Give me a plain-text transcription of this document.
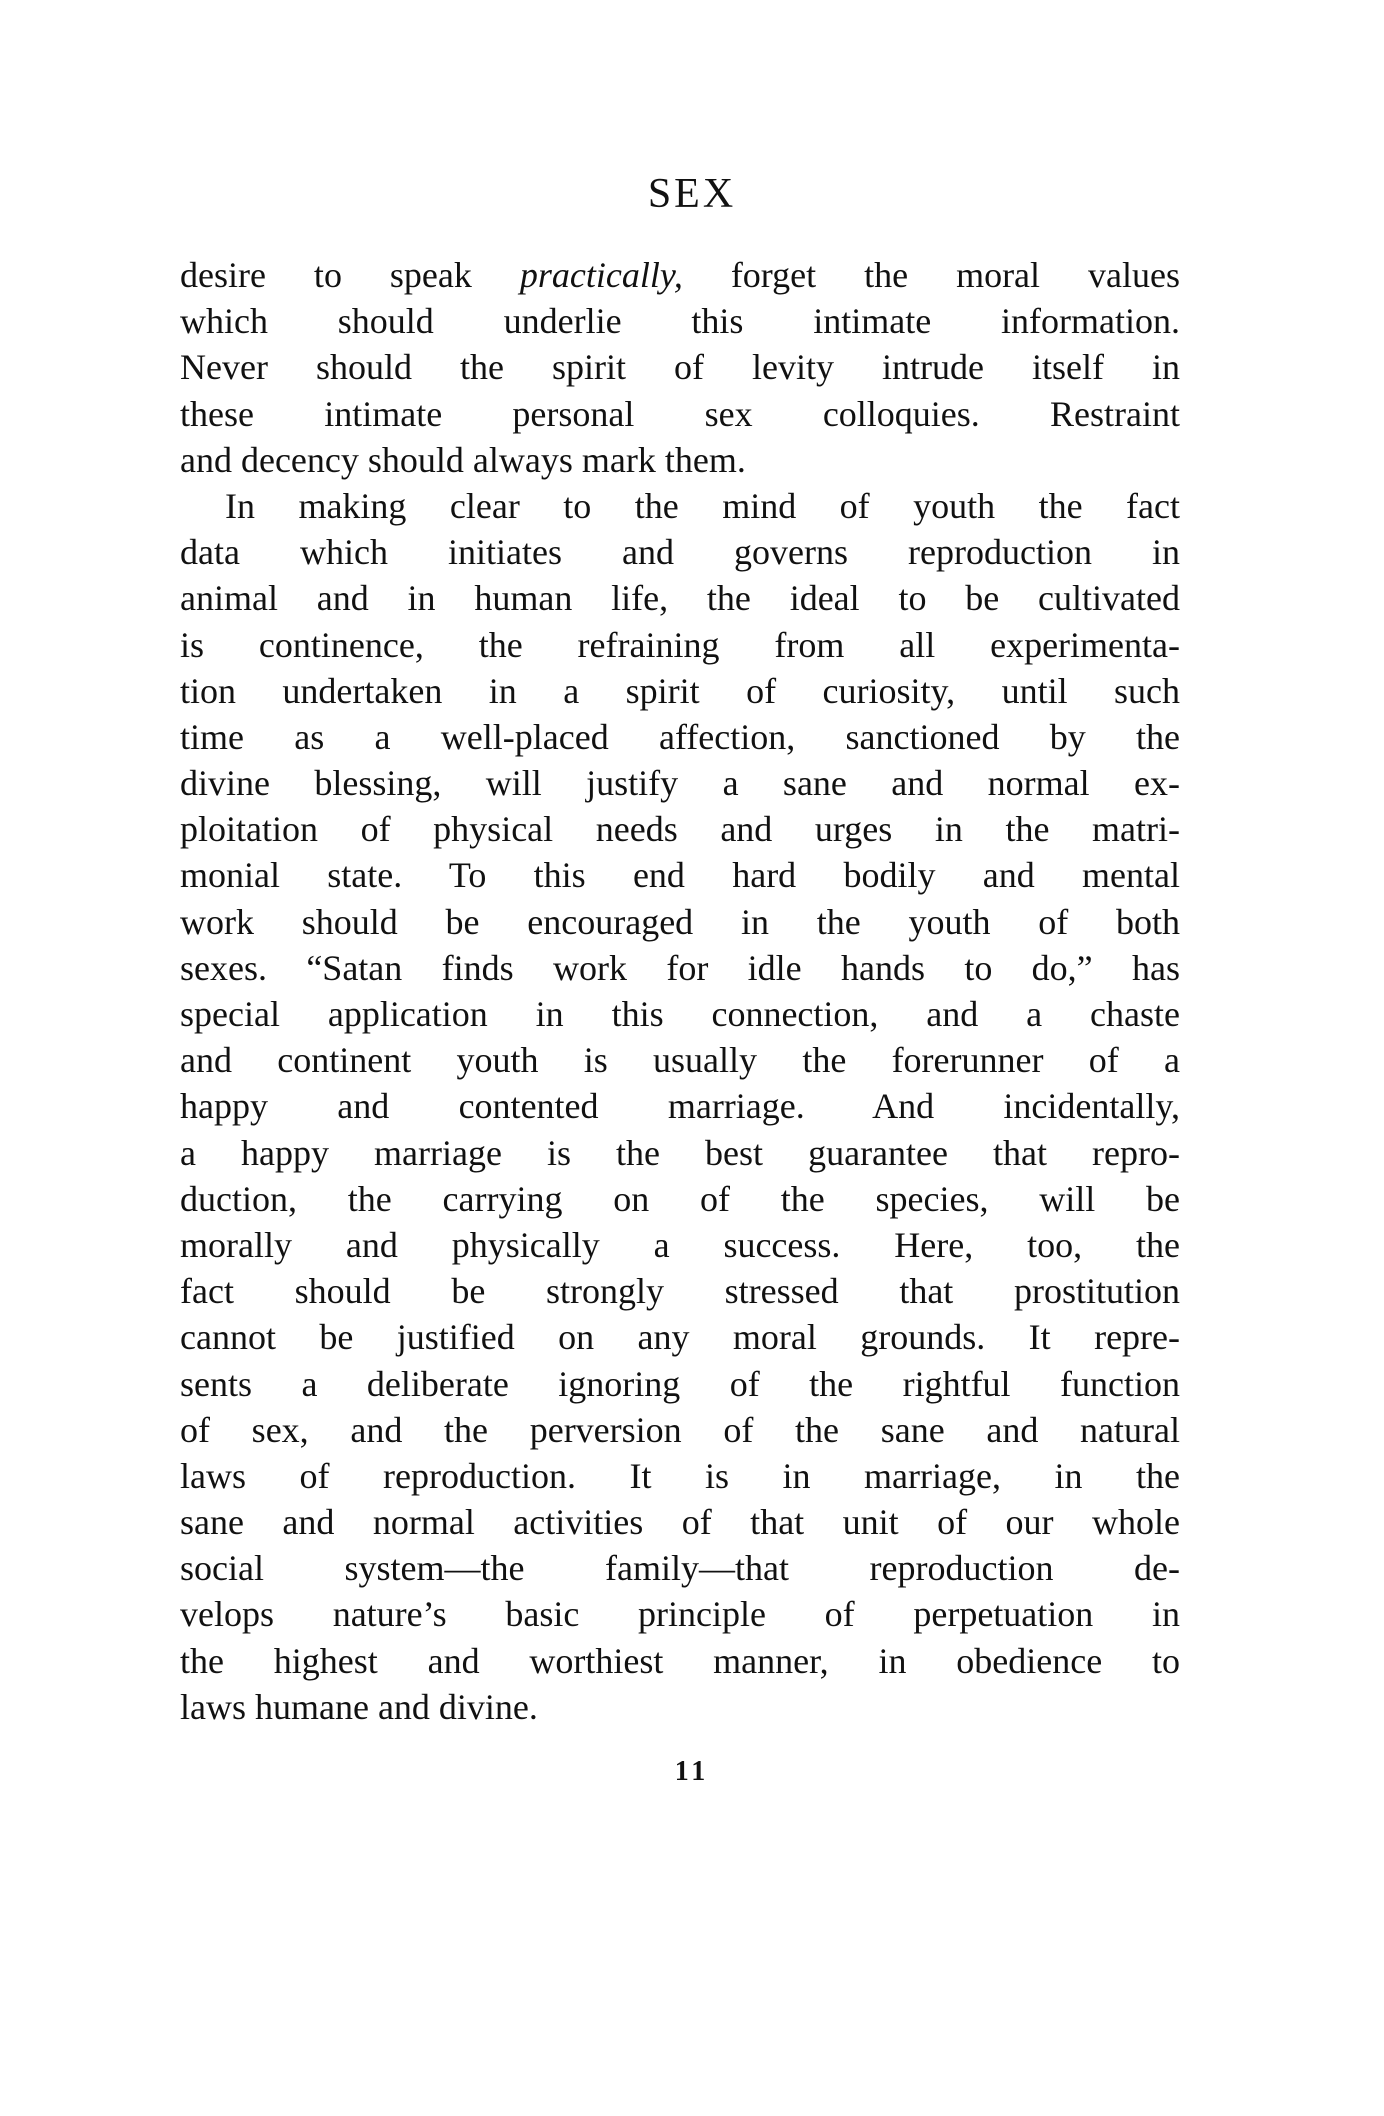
SEX
desire to speak practically, forget the moral values
which should underlie this intimate information.
Never should the spirit of levity intrude itself in
these intimate personal sex colloquies. Restraint
and decency should always mark them.
In making clear to the mind of youth the fact
data which initiates and governs reproduction in
animal and in human life, the ideal to be cultivated
is continence, the refraining from all experimenta-
tion undertaken in a spirit of curiosity, until such
time as a well-placed affection, sanctioned by the
divine blessing, will justify a sane and normal ex-
ploitation of physical needs and urges in the matri-
monial state. To this end hard bodily and mental
work should be encouraged in the youth of both
sexes. “Satan finds work for idle hands to do,” has
special application in this connection, and a chaste
and continent youth is usually the forerunner of a
happy and contented marriage. And incidentally,
a happy marriage is the best guarantee that repro-
duction, the carrying on of the species, will be
morally and physically a success. Here, too, the
fact should be strongly stressed that prostitution
cannot be justified on any moral grounds. It repre-
sents a deliberate ignoring of the rightful function
of sex, and the perversion of the sane and natural
laws of reproduction. It is in marriage, in the
sane and normal activities of that unit of our whole
social system—the family—that reproduction de-
velops nature’s basic principle of perpetuation in
the highest and worthiest manner, in obedience to
laws humane and divine.
11
